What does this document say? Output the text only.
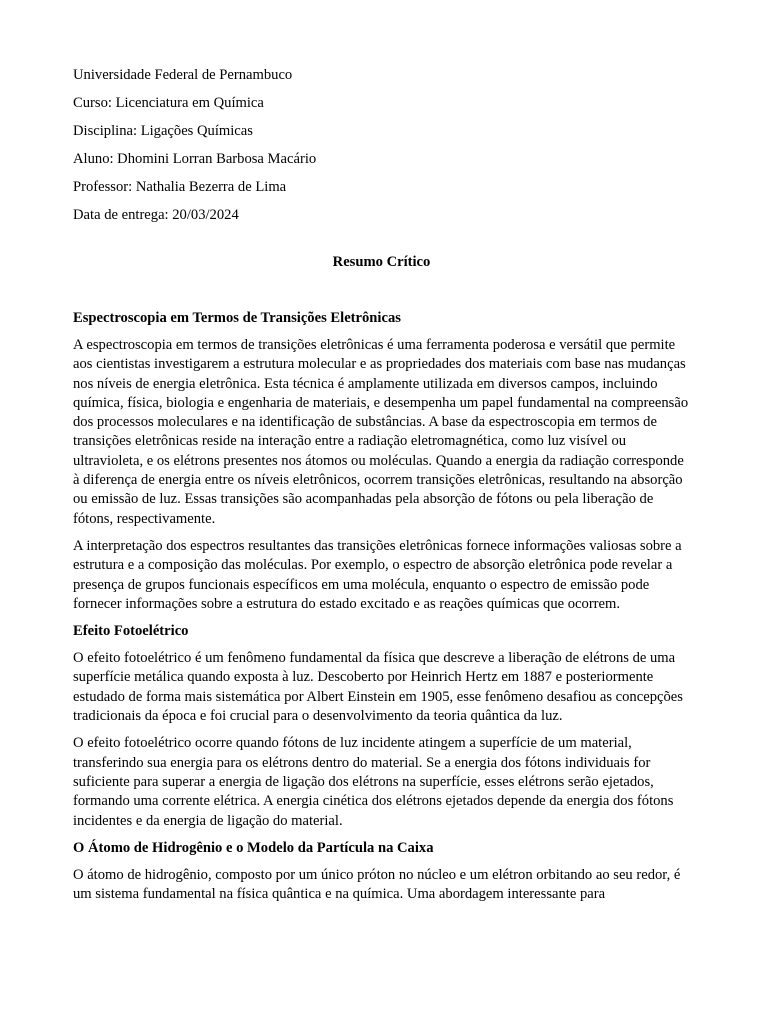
Universidade Federal de Pernambuco

Curso: Licenciatura em Química

Disciplina: Ligações Químicas

Aluno: Dhomini Lorran Barbosa Macário

Professor: Nathalia Bezerra de Lima

Data de entrega: 20/03/2024

Resumo Crítico

Espectroscopia em Termos de Transições Eletrônicas

A espectroscopia em termos de transições eletrônicas é uma ferramenta poderosa e versátil que permite aos cientistas investigarem a estrutura molecular e as propriedades dos materiais com base nas mudanças nos níveis de energia eletrônica. Esta técnica é amplamente utilizada em diversos campos, incluindo química, física, biologia e engenharia de materiais, e desempenha um papel fundamental na compreensão dos processos moleculares e na identificação de substâncias. A base da espectroscopia em termos de transições eletrônicas reside na interação entre a radiação eletromagnética, como luz visível ou ultravioleta, e os elétrons presentes nos átomos ou moléculas. Quando a energia da radiação corresponde à diferença de energia entre os níveis eletrônicos, ocorrem transições eletrônicas, resultando na absorção ou emissão de luz. Essas transições são acompanhadas pela absorção de fótons ou pela liberação de fótons, respectivamente.

A interpretação dos espectros resultantes das transições eletrônicas fornece informações valiosas sobre a estrutura e a composição das moléculas. Por exemplo, o espectro de absorção eletrônica pode revelar a presença de grupos funcionais específicos em uma molécula, enquanto o espectro de emissão pode fornecer informações sobre a estrutura do estado excitado e as reações químicas que ocorrem.

Efeito Fotoelétrico

O efeito fotoelétrico é um fenômeno fundamental da física que descreve a liberação de elétrons de uma superfície metálica quando exposta à luz. Descoberto por Heinrich Hertz em 1887 e posteriormente estudado de forma mais sistemática por Albert Einstein em 1905, esse fenômeno desafiou as concepções tradicionais da época e foi crucial para o desenvolvimento da teoria quântica da luz.

O efeito fotoelétrico ocorre quando fótons de luz incidente atingem a superfície de um material, transferindo sua energia para os elétrons dentro do material. Se a energia dos fótons individuais for suficiente para superar a energia de ligação dos elétrons na superfície, esses elétrons serão ejetados, formando uma corrente elétrica. A energia cinética dos elétrons ejetados depende da energia dos fótons incidentes e da energia de ligação do material.

O Átomo de Hidrogênio e o Modelo da Partícula na Caixa

O átomo de hidrogênio, composto por um único próton no núcleo e um elétron orbitando ao seu redor, é um sistema fundamental na física quântica e na química. Uma abordagem interessante para
